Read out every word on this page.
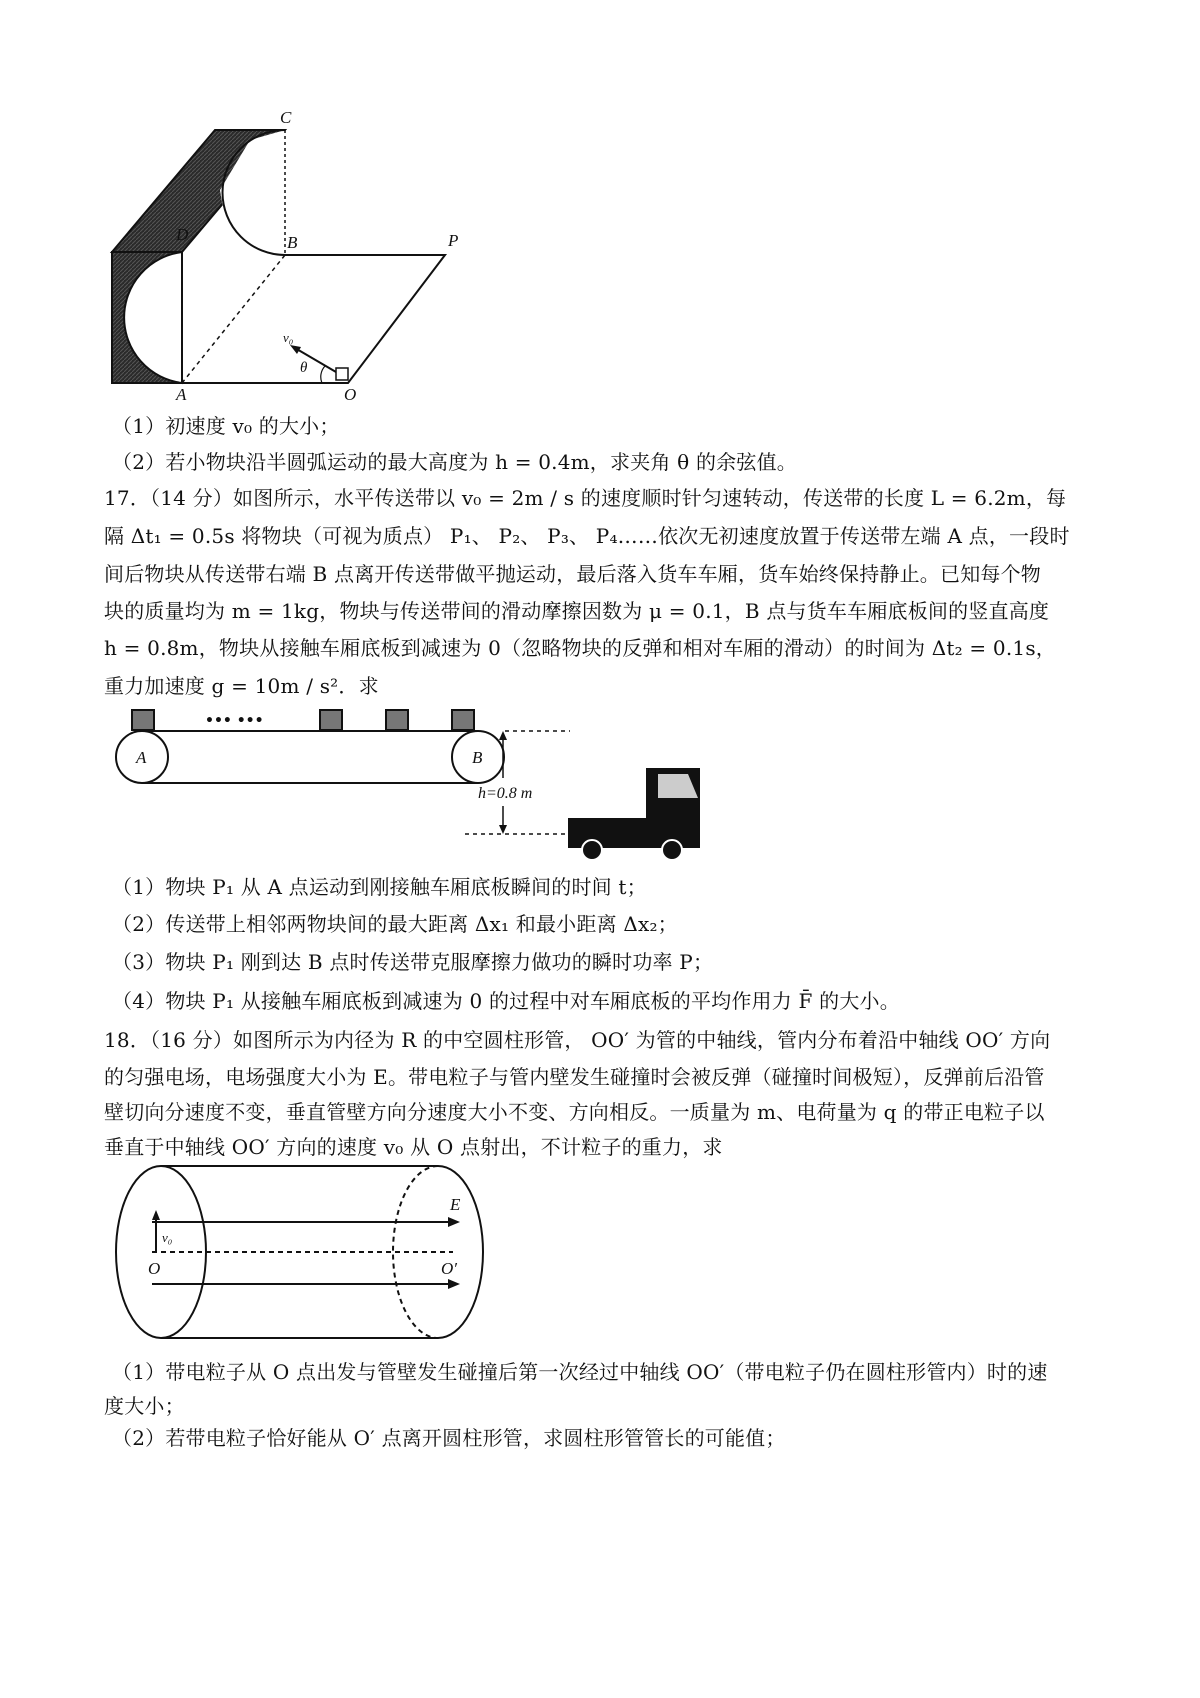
C
D	B	P
A	O
v₀
θ
（1）初速度 v₀ 的大小；
（2）若小物块沿半圆弧运动的最大高度为 h = 0.4m，求夹角 θ 的余弦值。
17．（14 分）如图所示，水平传送带以 v₀ = 2m / s 的速度顺时针匀速转动，传送带的长度 L = 6.2m，每
隔 Δt₁ = 0.5s 将物块（可视为质点） P₁、 P₂、 P₃、 P₄……依次无初速度放置于传送带左端 A 点，一段时
间后物块从传送带右端 B 点离开传送带做平抛运动，最后落入货车车厢，货车始终保持静止。已知每个物
块的质量均为 m = 1kg，物块与传送带间的滑动摩擦因数为 μ = 0.1，B 点与货车车厢底板间的竖直高度
h = 0.8m，物块从接触车厢底板到减速为 0（忽略物块的反弹和相对车厢的滑动）的时间为 Δt₂ = 0.1s，
重力加速度 g = 10m / s²．求
••• •••
A	B
h=0.8 m
（1）物块 P₁ 从 A 点运动到刚接触车厢底板瞬间的时间 t；
（2）传送带上相邻两物块间的最大距离 Δx₁ 和最小距离 Δx₂；
（3）物块 P₁ 刚到达 B 点时传送带克服摩擦力做功的瞬时功率 P；
（4）物块 P₁ 从接触车厢底板到减速为 0 的过程中对车厢底板的平均作用力 F̄ 的大小。
18．（16 分）如图所示为内径为 R 的中空圆柱形管， OO′ 为管的中轴线，管内分布着沿中轴线 OO′ 方向
的匀强电场，电场强度大小为 E。带电粒子与管内壁发生碰撞时会被反弹（碰撞时间极短），反弹前后沿管
壁切向分速度不变，垂直管壁方向分速度大小不变、方向相反。一质量为 m、电荷量为 q 的带正电粒子以
垂直于中轴线 OO′ 方向的速度 v₀ 从 O 点射出，不计粒子的重力，求
E
v₀
O	O′
（1）带电粒子从 O 点出发与管壁发生碰撞后第一次经过中轴线 OO′（带电粒子仍在圆柱形管内）时的速
度大小；
（2）若带电粒子恰好能从 O′ 点离开圆柱形管，求圆柱形管管长的可能值；
